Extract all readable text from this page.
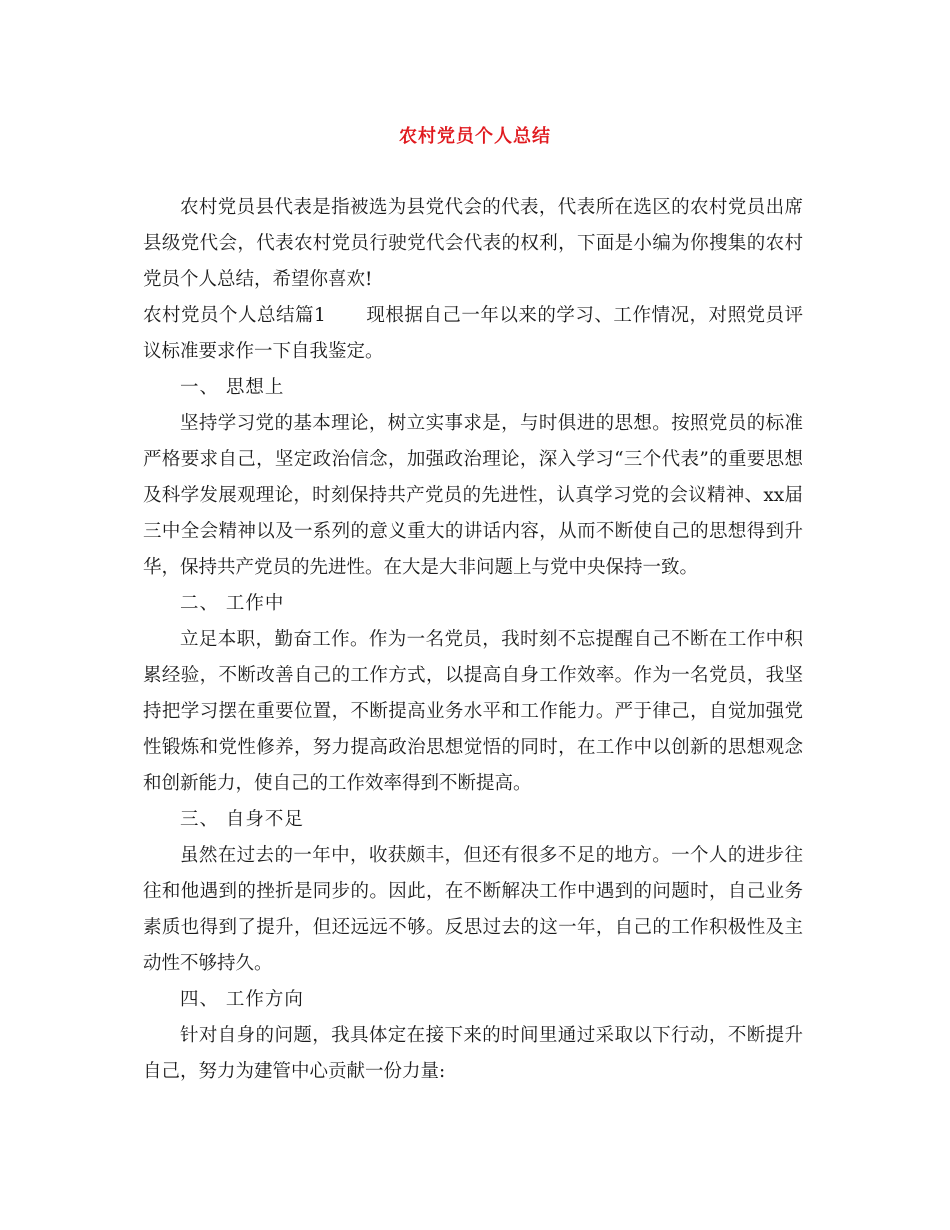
农村党员个人总结

农村党员县代表是指被选为县党代会的代表，代表所在选区的农村党员出席县级党代会，代表农村党员行驶党代会代表的权利，下面是小编为你搜集的农村党员个人总结，希望你喜欢!

农村党员个人总结篇1 现根据自己一年以来的学习、工作情况，对照党员评议标准要求作一下自我鉴定。

一、 思想上

坚持学习党的基本理论，树立实事求是，与时俱进的思想。按照党员的标准严格要求自己，坚定政治信念，加强政治理论，深入学习“三个代表”的重要思想及科学发展观理论，时刻保持共产党员的先进性，认真学习党的会议精神、xx届三中全会精神以及一系列的意义重大的讲话内容，从而不断使自己的思想得到升华，保持共产党员的先进性。在大是大非问题上与党中央保持一致。

二、 工作中

立足本职，勤奋工作。作为一名党员，我时刻不忘提醒自己不断在工作中积累经验，不断改善自己的工作方式，以提高自身工作效率。作为一名党员，我坚持把学习摆在重要位置，不断提高业务水平和工作能力。严于律己，自觉加强党性锻炼和党性修养，努力提高政治思想觉悟的同时，在工作中以创新的思想观念和创新能力，使自己的工作效率得到不断提高。

三、 自身不足

虽然在过去的一年中，收获颇丰，但还有很多不足的地方。一个人的进步往往和他遇到的挫折是同步的。因此，在不断解决工作中遇到的问题时，自己业务素质也得到了提升，但还远远不够。反思过去的这一年，自己的工作积极性及主动性不够持久。

四、 工作方向

针对自身的问题，我具体定在接下来的时间里通过采取以下行动，不断提升自己，努力为建管中心贡献一份力量:
